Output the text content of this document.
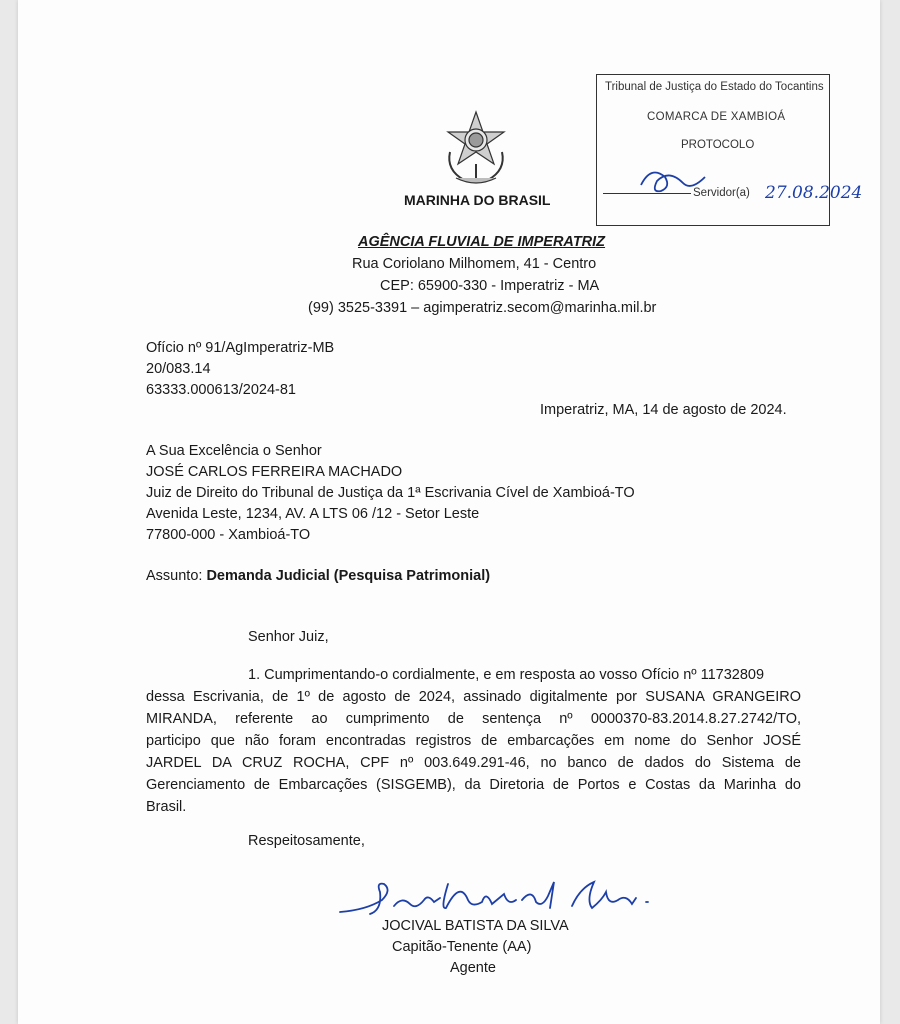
MARINHA DO BRASIL
Tribunal de Justiça do Estado do Tocantins
COMARCA DE XAMBIOÁ
PROTOCOLO
Servidor(a) 27.08.2024
AGÊNCIA FLUVIAL DE IMPERATRIZ
Rua Coriolano Milhomem, 41 - Centro
CEP: 65900-330 - Imperatriz - MA
(99) 3525-3391 – agimperatriz.secom@marinha.mil.br
Ofício nº 91/AgImperatriz-MB
20/083.14
63333.000613/2024-81
Imperatriz, MA, 14 de agosto de 2024.
A Sua Excelência o Senhor
JOSÉ CARLOS FERREIRA MACHADO
Juiz de Direito do Tribunal de Justiça da 1ª Escrivania Cível de Xambioá-TO
Avenida Leste, 1234, AV. A LTS 06 /12 - Setor Leste
77800-000 - Xambioá-TO
Assunto: Demanda Judicial (Pesquisa Patrimonial)
Senhor Juiz,
1. Cumprimentando-o cordialmente, e em resposta ao vosso Ofício nº 11732809
dessa Escrivania, de 1º de agosto de 2024, assinado digitalmente por SUSANA GRANGEIRO
MIRANDA, referente ao cumprimento de sentença nº 0000370-83.2014.8.27.2742/TO,
participo que não foram encontradas registros de embarcações em nome do Senhor JOSÉ
JARDEL DA CRUZ ROCHA, CPF nº 003.649.291-46, no banco de dados do Sistema de
Gerenciamento de Embarcações (SISGEMB), da Diretoria de Portos e Costas da Marinha do
Brasil.
Respeitosamente,
JOCIVAL BATISTA DA SILVA
Capitão-Tenente (AA)
Agente
